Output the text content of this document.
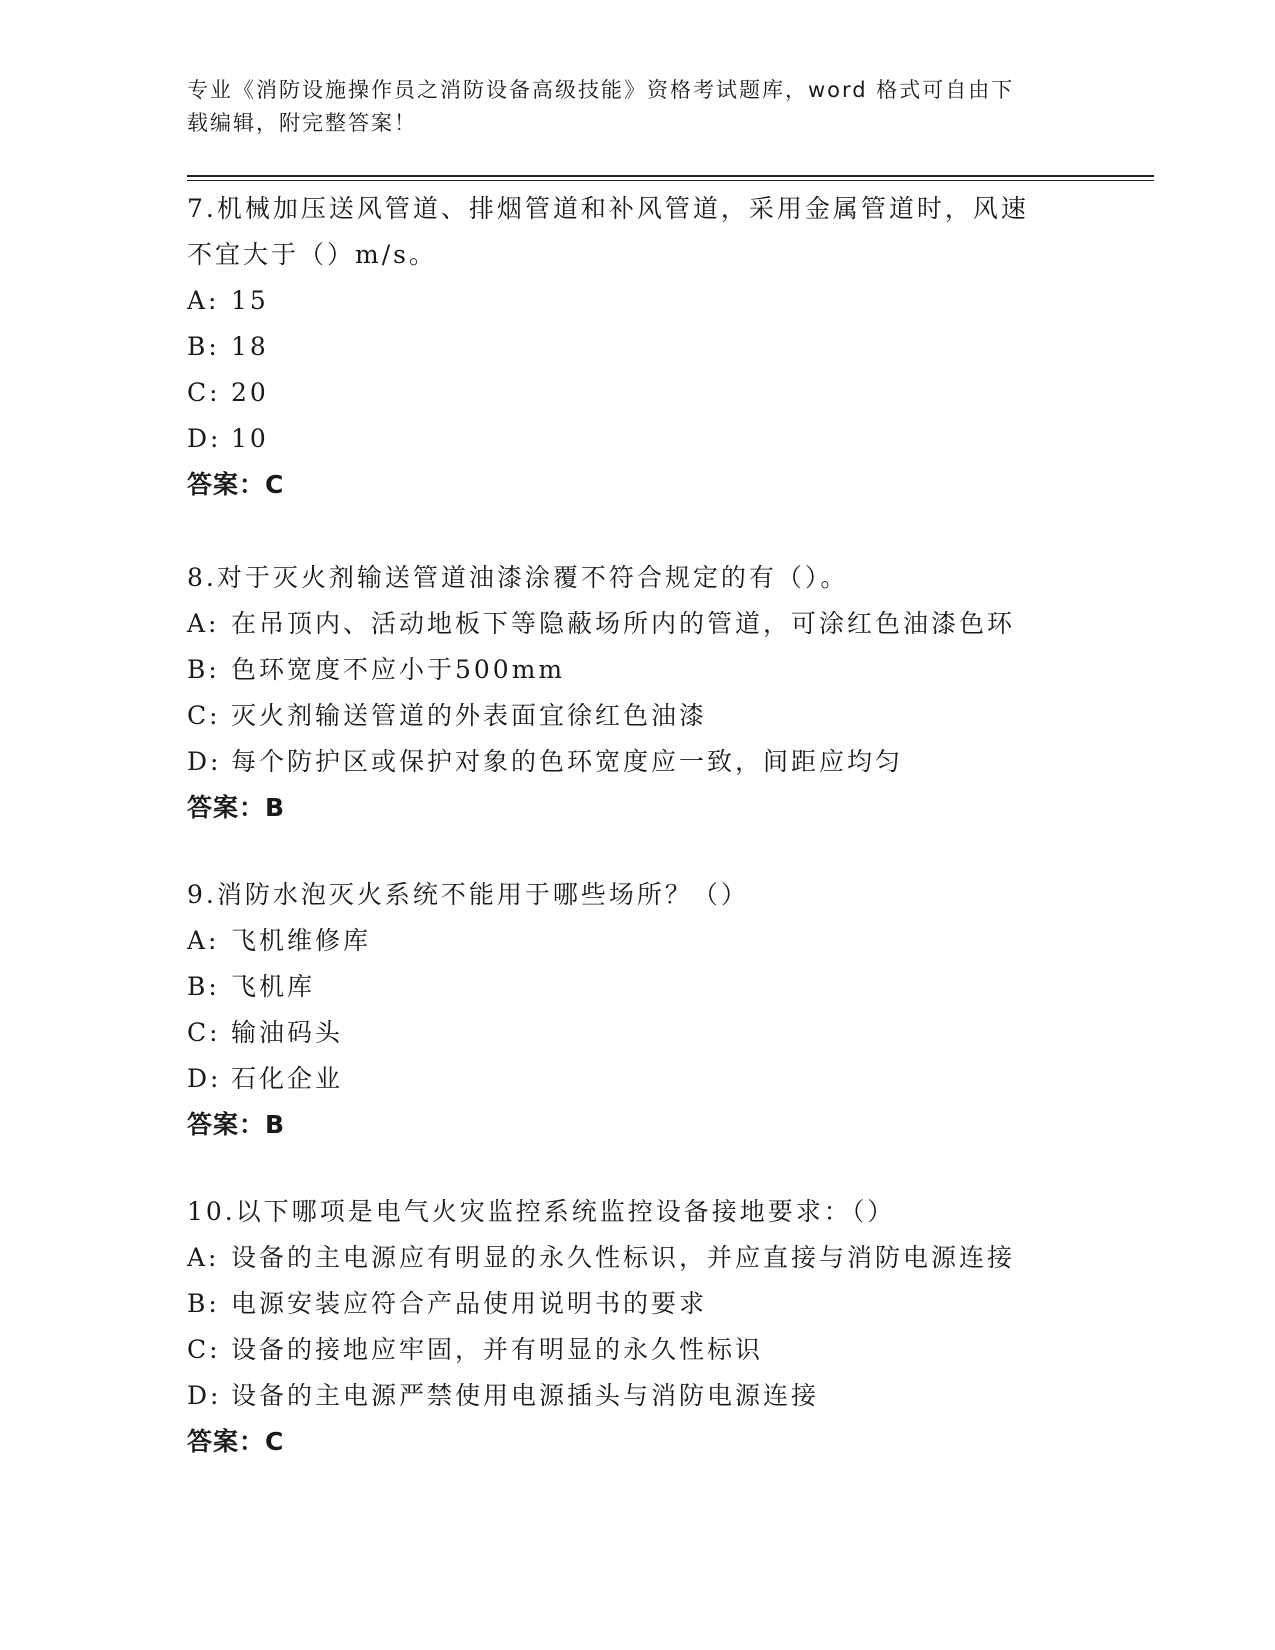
专业《消防设施操作员之消防设备高级技能》资格考试题库，word 格式可自由下
载编辑，附完整答案！

7.机械加压送风管道、排烟管道和补风管道，采用金属管道时，风速

不宜大于（）m/s。

A: 15
B: 18
C: 20
D: 10

答案：C

8.对于灭火剂输送管道油漆涂覆不符合规定的有（）。

A: 在吊顶内、活动地板下等隐蔽场所内的管道，可涂红色油漆色环
B: 色环宽度不应小于500mm
C: 灭火剂输送管道的外表面宜徐红色油漆
D: 每个防护区或保护对象的色环宽度应一致，间距应均匀

答案：B

9.消防水泡灭火系统不能用于哪些场所？（）

A: 飞机维修库
B: 飞机库
C: 输油码头
D: 石化企业

答案：B

10.以下哪项是电气火灾监控系统监控设备接地要求：（）

A: 设备的主电源应有明显的永久性标识，并应直接与消防电源连接
B: 电源安装应符合产品使用说明书的要求
C: 设备的接地应牢固，并有明显的永久性标识
D: 设备的主电源严禁使用电源插头与消防电源连接

答案：C
